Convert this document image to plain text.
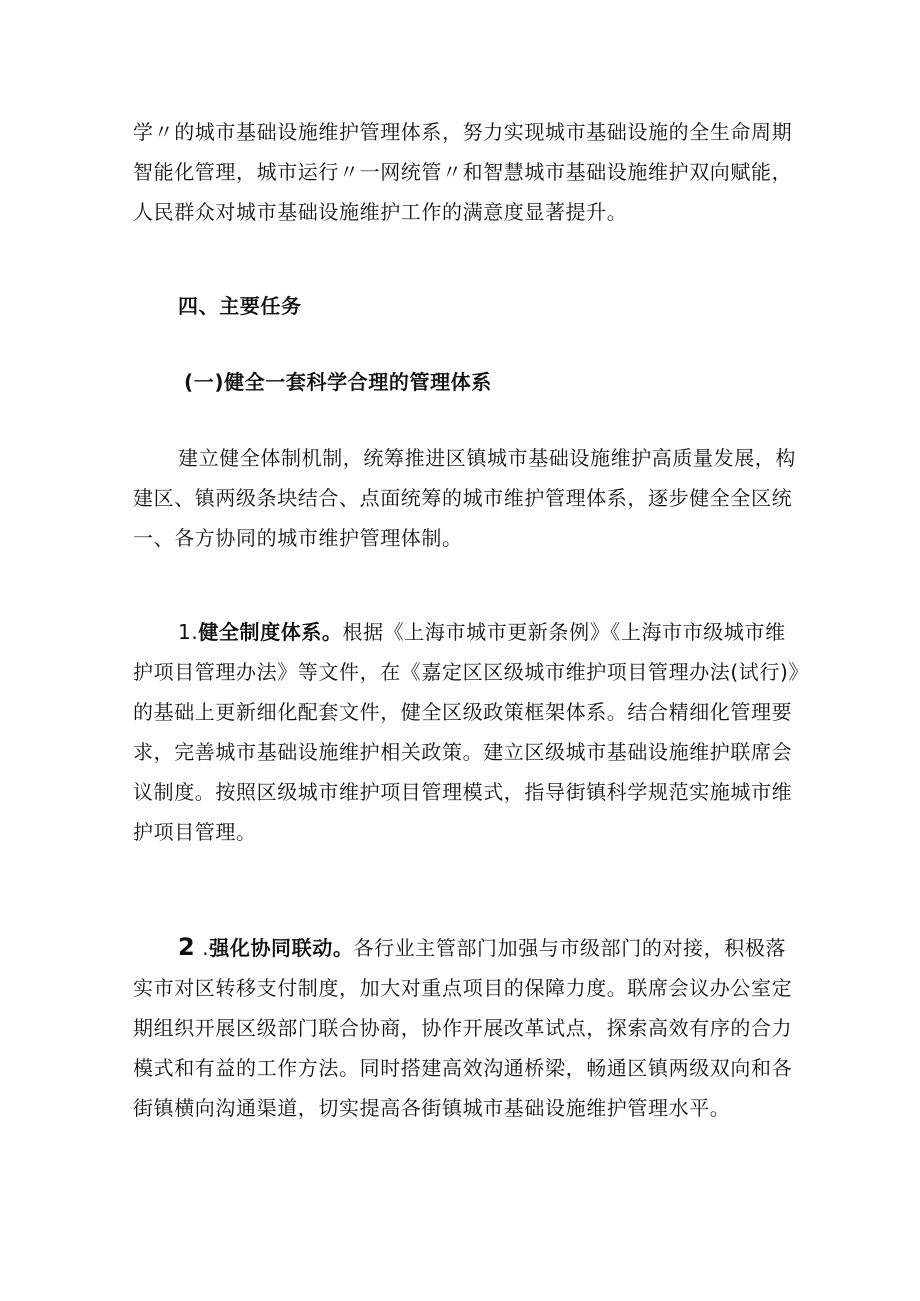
学〃的城市基础设施维护管理体系，努力实现城市基础设施的全生命周期
智能化管理，城市运行〃一网统管〃和智慧城市基础设施维护双向赋能，
人民群众对城市基础设施维护工作的满意度显著提升。
四、主要任务
(一)健全一套科学合理的管理体系
建立健全体制机制，统筹推进区镇城市基础设施维护高质量发展，构
建区、镇两级条块结合、点面统筹的城市维护管理体系，逐步健全全区统
一、各方协同的城市维护管理体制。
1.健全制度体系。根据《上海市城市更新条例》《上海市市级城市维
护项目管理办法》等文件，在《嘉定区区级城市维护项目管理办法(试行)》
的基础上更新细化配套文件，健全区级政策框架体系。结合精细化管理要
求，完善城市基础设施维护相关政策。建立区级城市基础设施维护联席会
议制度。按照区级城市维护项目管理模式，指导街镇科学规范实施城市维
护项目管理。
2 .强化协同联动。各行业主管部门加强与市级部门的对接，积极落
实市对区转移支付制度，加大对重点项目的保障力度。联席会议办公室定
期组织开展区级部门联合协商，协作开展改革试点，探索高效有序的合力
模式和有益的工作方法。同时搭建高效沟通桥梁，畅通区镇两级双向和各
街镇横向沟通渠道，切实提高各街镇城市基础设施维护管理水平。
